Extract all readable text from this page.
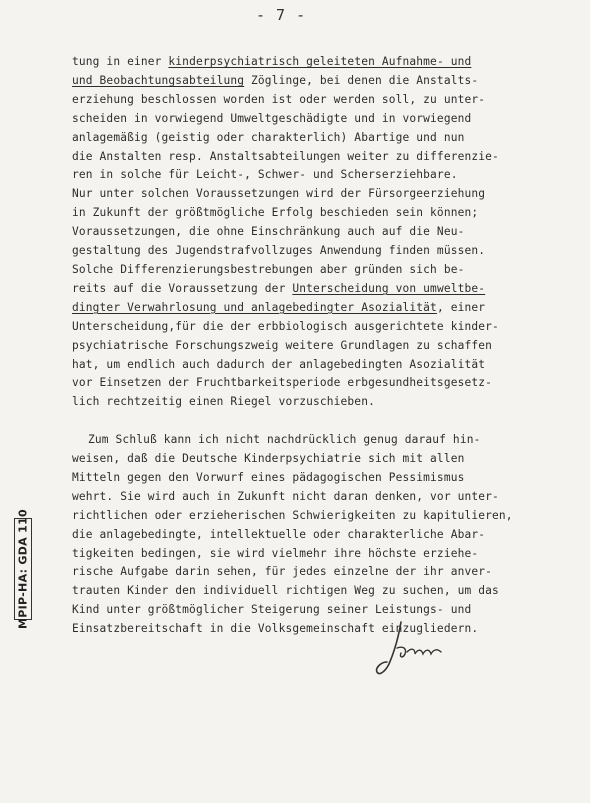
- 7 -
tung in einer kinderpsychiatrisch geleiteten Aufnahme- und
und Beobachtungsabteilung Zöglinge, bei denen die Anstalts-
erziehung beschlossen worden ist oder werden soll, zu unter-
scheiden in vorwiegend Umweltgeschädigte und in vorwiegend
anlagemäßig (geistig oder charakterlich) Abartige und nun
die Anstalten resp. Anstaltsabteilungen weiter zu differenzie-
ren in solche für Leicht-, Schwer- und Scherserziehbare.
Nur unter solchen Voraussetzungen wird der Fürsorgeerziehung
in Zukunft der größtmögliche Erfolg beschieden sein können;
Voraussetzungen, die ohne Einschränkung auch auf die Neu-
gestaltung des Jugendstrafvollzuges Anwendung finden müssen.
Solche Differenzierungsbestrebungen aber gründen sich be-
reits auf die Voraussetzung der Unterscheidung von umweltbe-
dingter Verwahrlosung und anlagebedingter Asozialität, einer
Unterscheidung,für die der erbbiologisch ausgerichtete kinder-
psychiatrische Forschungszweig weitere Grundlagen zu schaffen
hat, um endlich auch dadurch der anlagebedingten Asozialität
vor Einsetzen der Fruchtbarkeitsperiode erbgesundheitsgesetz-
lich rechtzeitig einen Riegel vorzuschieben.
Zum Schluß kann ich nicht nachdrücklich genug darauf hin-
weisen, daß die Deutsche Kinderpsychiatrie sich mit allen
Mitteln gegen den Vorwurf eines pädagogischen Pessimismus
wehrt. Sie wird auch in Zukunft nicht daran denken, vor unter-
richtlichen oder erzieherischen Schwierigkeiten zu kapitulieren,
die anlagebedingte, intellektuelle oder charakterliche Abar-
tigkeiten bedingen, sie wird vielmehr ihre höchste erziehe-
rische Aufgabe darin sehen, für jedes einzelne der ihr anver-
trauten Kinder den individuell richtigen Weg zu suchen, um das
Kind unter größtmöglicher Steigerung seiner Leistungs- und
Einsatzbereitschaft in die Volksgemeinschaft einzugliedern.
MPIP-HA: GDA 110
